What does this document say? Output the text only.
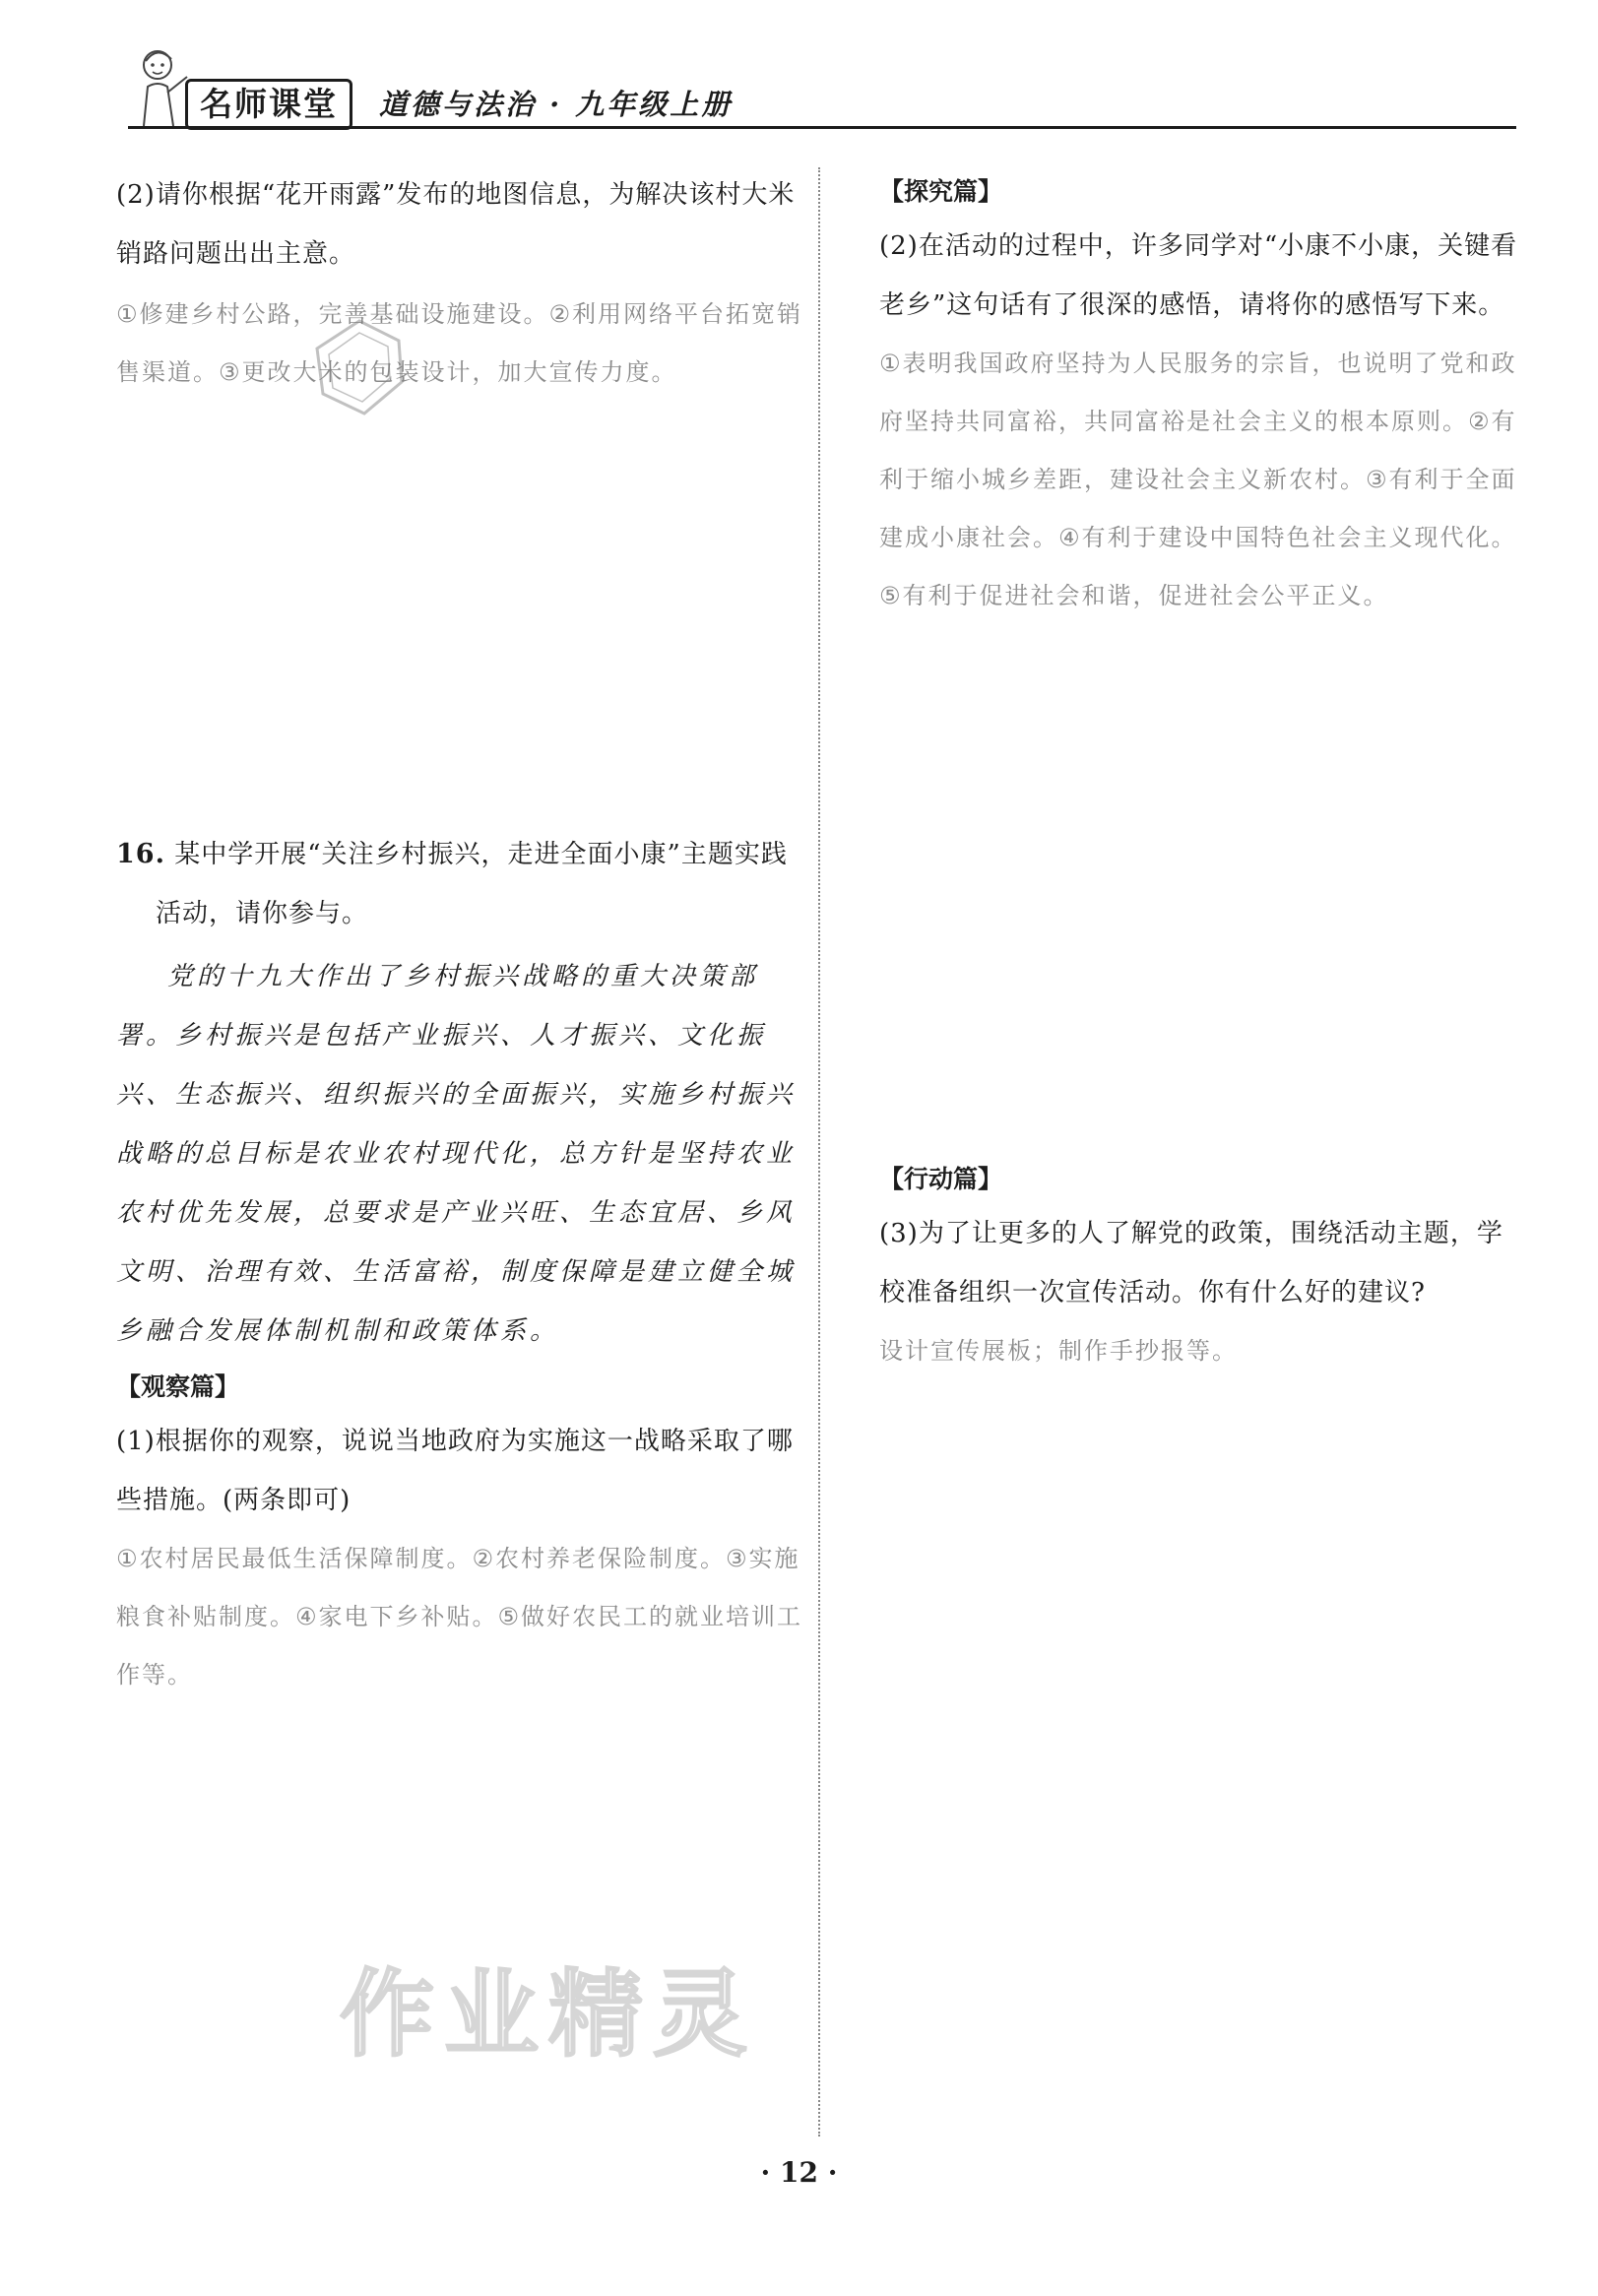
名师课堂	道德与法治 · 九年级上册
(2)请你根据“花开雨露”发布的地图信息，为解决该村大米销路问题出出主意。
①修建乡村公路，完善基础设施建设。②利用网络平台拓宽销售渠道。③更改大米的包装设计，加大宣传力度。
16. 某中学开展“关注乡村振兴，走进全面小康”主题实践活动，请你参与。
党的十九大作出了乡村振兴战略的重大决策部署。乡村振兴是包括产业振兴、人才振兴、文化振兴、生态振兴、组织振兴的全面振兴，实施乡村振兴战略的总目标是农业农村现代化，总方针是坚持农业农村优先发展，总要求是产业兴旺、生态宜居、乡风文明、治理有效、生活富裕，制度保障是建立健全城乡融合发展体制机制和政策体系。
【观察篇】
(1)根据你的观察，说说当地政府为实施这一战略采取了哪些措施。(两条即可)
①农村居民最低生活保障制度。②农村养老保险制度。③实施粮食补贴制度。④家电下乡补贴。⑤做好农民工的就业培训工作等。
【探究篇】
(2)在活动的过程中，许多同学对“小康不小康，关键看老乡”这句话有了很深的感悟，请将你的感悟写下来。
①表明我国政府坚持为人民服务的宗旨，也说明了党和政府坚持共同富裕，共同富裕是社会主义的根本原则。②有利于缩小城乡差距，建设社会主义新农村。③有利于全面建成小康社会。④有利于建设中国特色社会主义现代化。⑤有利于促进社会和谐，促进社会公平正义。
【行动篇】
(3)为了让更多的人了解党的政策，围绕活动主题，学校准备组织一次宣传活动。你有什么好的建议?
设计宣传展板；制作手抄报等。
作业精灵
· 12 ·
